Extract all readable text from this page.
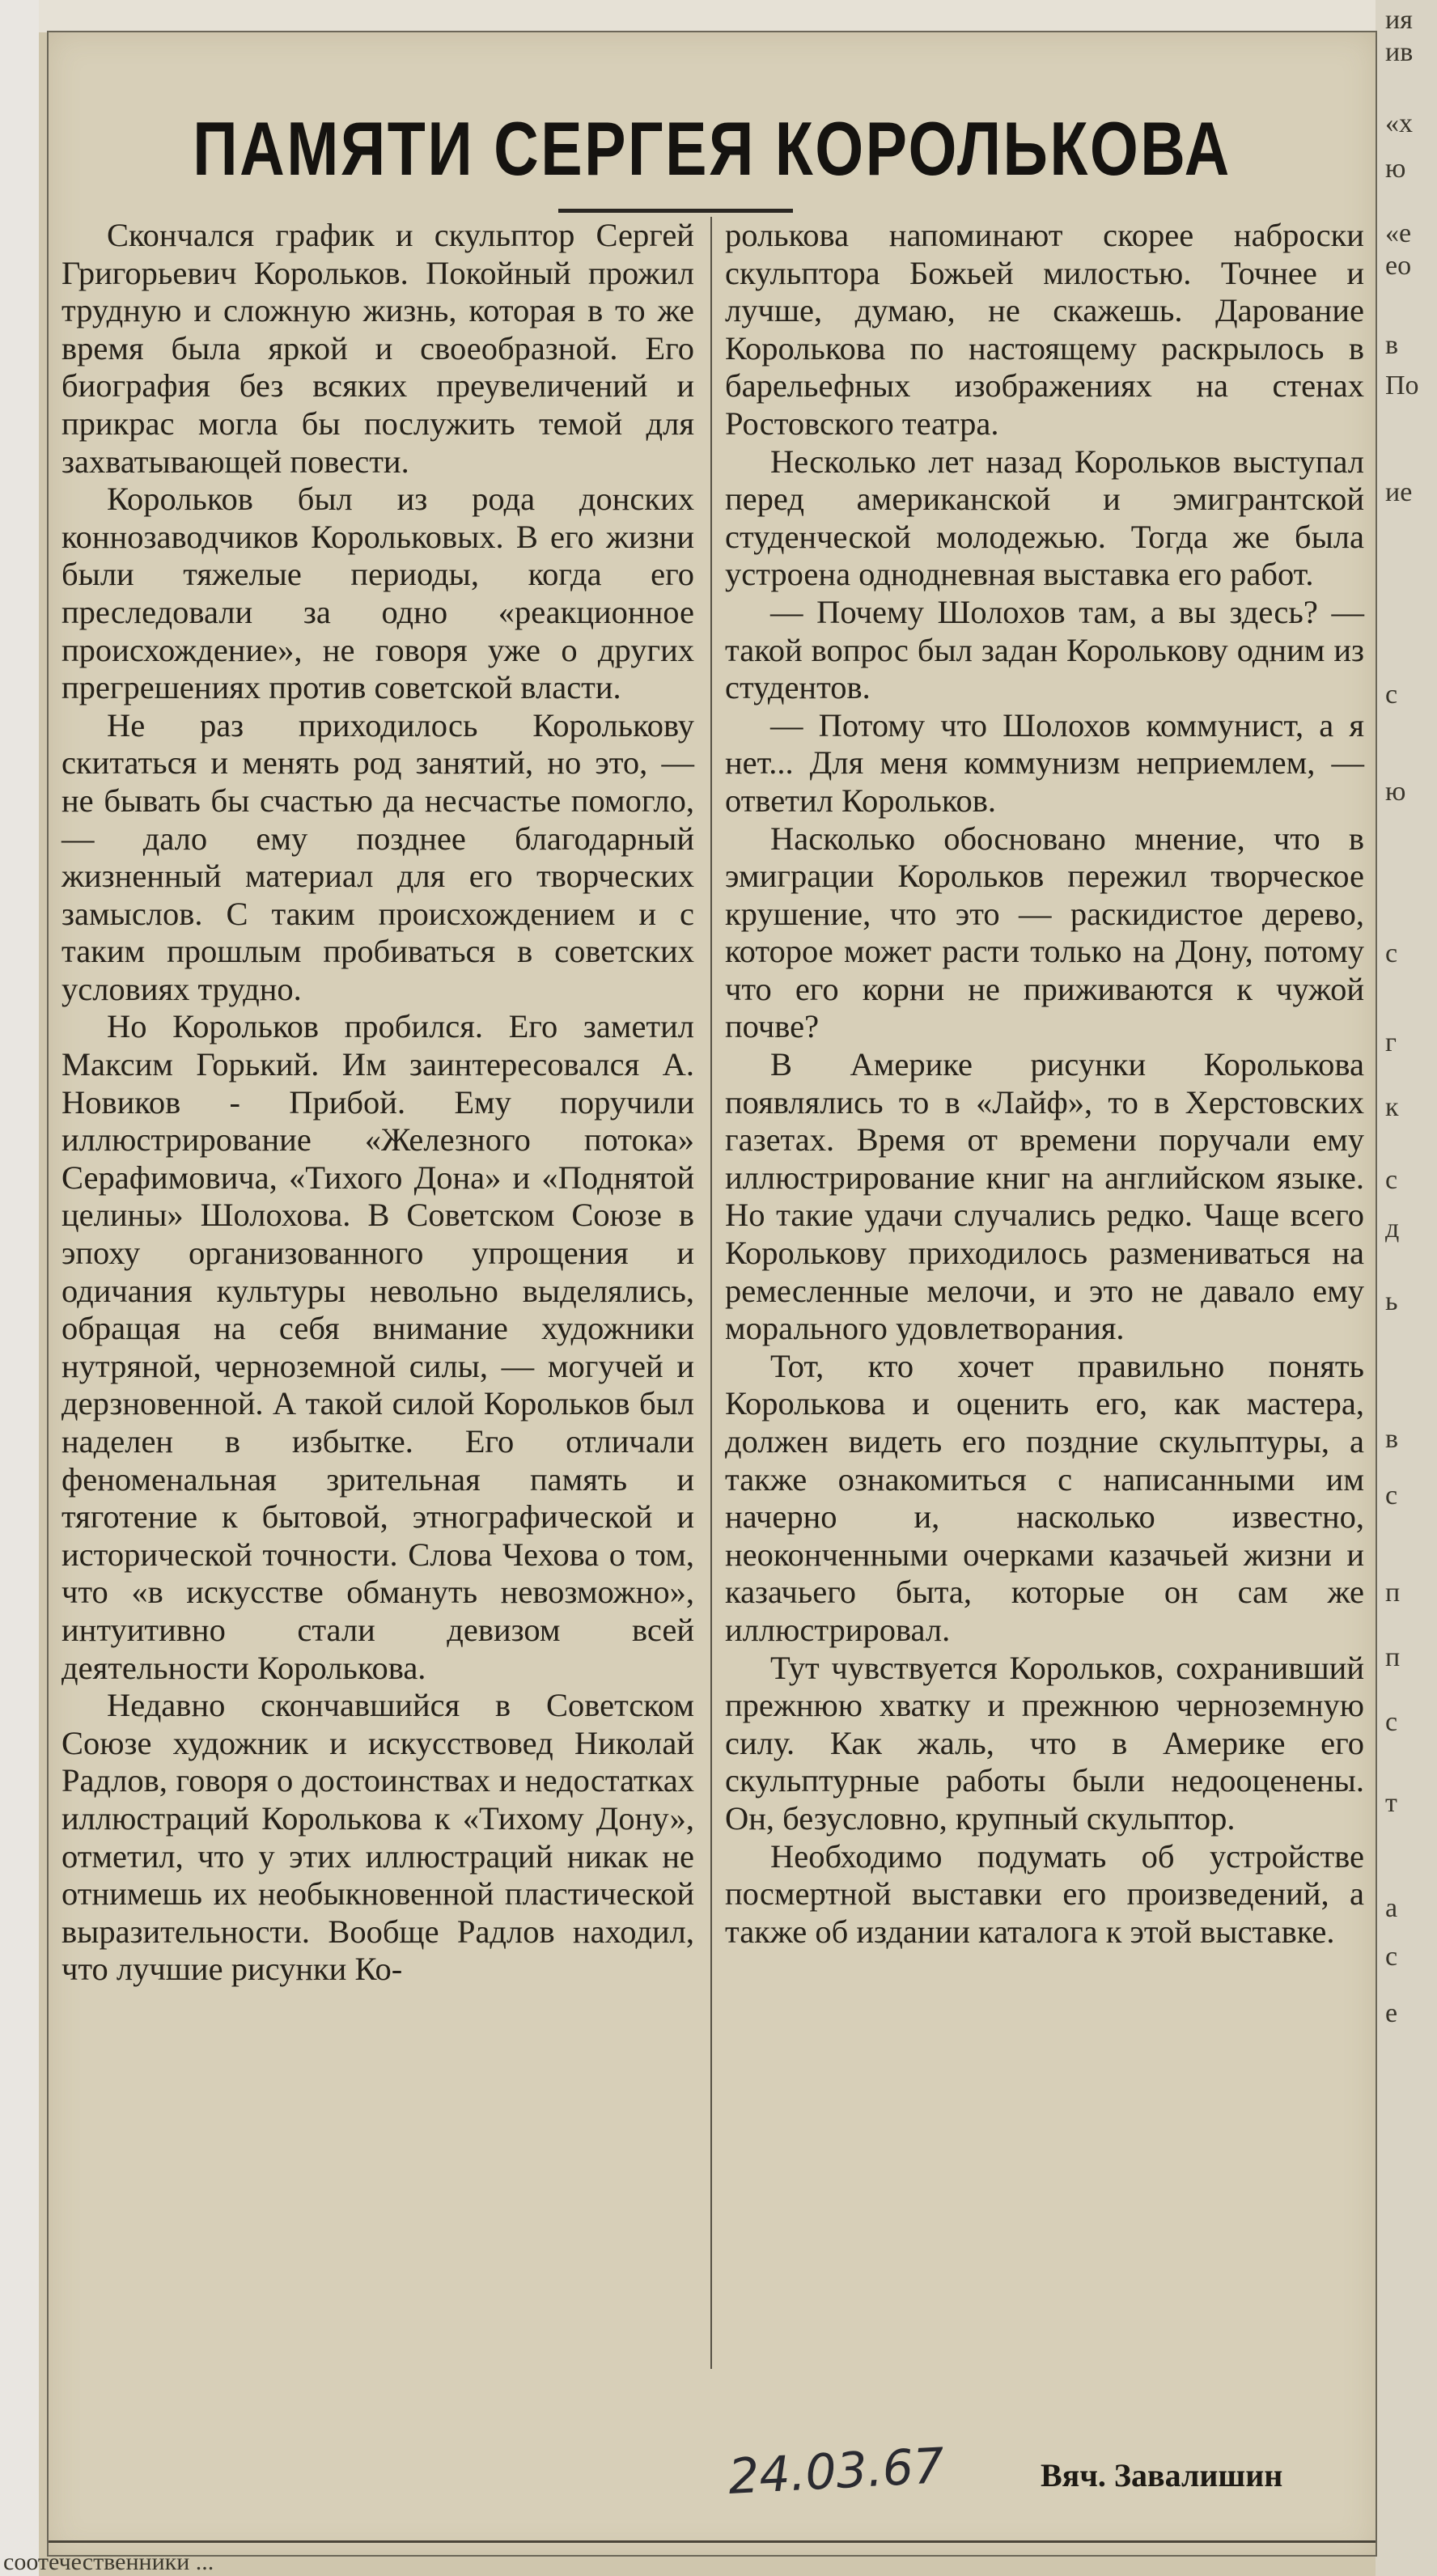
ия
ив
«х
ю
«е
ео
в
По
ие
с
ю
с
г
к
с
д
ь
в
с
п
п
с
т
а
с
е
ПАМЯТИ СЕРГЕЯ КОРОЛЬКОВА

Скончался график и скульптор Сергей Григорьевич Корольков. Покойный прожил трудную и сложную жизнь, которая в то же время была яркой и своеобразной. Его биография без всяких преувеличений и прикрас могла бы послужить темой для захватывающей повести.

Корольков был из рода донских коннозаводчиков Корольковых. В его жизни были тяжелые периоды, когда его преследовали за одно «реакционное происхождение», не говоря уже о других прегрешениях против советской власти.

Не раз приходилось Королькову скитаться и менять род занятий, но это, — не бывать бы счастью да несчастье помогло, — дало ему позднее благодарный жизненный материал для его творческих замыслов. С таким происхождением и с таким прошлым пробиваться в советских условиях трудно.

Но Корольков пробился. Его заметил Максим Горький. Им заинтересовался А. Новиков - Прибой. Ему поручили иллюстрирование «Железного потока» Серафимовича, «Тихого Дона» и «Поднятой целины» Шолохова. В Советском Союзе в эпоху организованного упрощения и одичания культуры невольно выделялись, обращая на себя внимание художники нутряной, черноземной силы, — могучей и дерзновенной. А такой силой Корольков был наделен в избытке. Его отличали феноменальная зрительная память и тяготение к бытовой, этнографической и исторической точности. Слова Чехова о том, что «в искусстве обмануть невозможно», интуитивно стали девизом всей деятельности Королькова.

Недавно скончавшийся в Советском Союзе художник и искусствовед Николай Радлов, говоря о достоинствах и недостатках иллюстраций Королькова к «Тихому Дону», отметил, что у этих иллюстраций никак не отнимешь их необыкновенной пластической выразительности. Вообще Радлов находил, что лучшие рисунки Ко-

ролькова напоминают скорее наброски скульптора Божьей милостью. Точнее и лучше, думаю, не скажешь. Дарование Королькова по настоящему раскрылось в барельефных изображениях на стенах Ростовского театра.

Несколько лет назад Корольков выступал перед американской и эмигрантской студенческой молодежью. Тогда же была устроена однодневная выставка его работ.

— Почему Шолохов там, а вы здесь? — такой вопрос был задан Королькову одним из студентов.

— Потому что Шолохов коммунист, а я нет... Для меня коммунизм неприемлем, — ответил Корольков.

Насколько обосновано мнение, что в эмиграции Корольков пережил творческое крушение, что это — раскидистое дерево, которое может расти только на Дону, потому что его корни не приживаются к чужой почве?

В Америке рисунки Королькова появлялись то в «Лайф», то в Херстовских газетах. Время от времени поручали ему иллюстрирование книг на английском языке. Но такие удачи случались редко. Чаще всего Королькову приходилось размениваться на ремесленные мелочи, и это не давало ему морального удовлетворания.

Тот, кто хочет правильно понять Королькова и оценить его, как мастера, должен видеть его поздние скульптуры, а также ознакомиться с написанными им начерно и, насколько известно, неоконченными очерками казачьей жизни и казачьего быта, которые он сам же иллюстрировал.

Тут чувствуется Корольков, сохранивший прежнюю хватку и прежнюю черноземную силу. Как жаль, что в Америке его скульптурные работы были недооценены. Он, безусловно, крупный скульптор.

Необходимо подумать об устройстве посмертной выставки его произведений, а также об издании каталога к этой выставке.

24.03.67	Вяч. Завалишин
соотечественники ...
